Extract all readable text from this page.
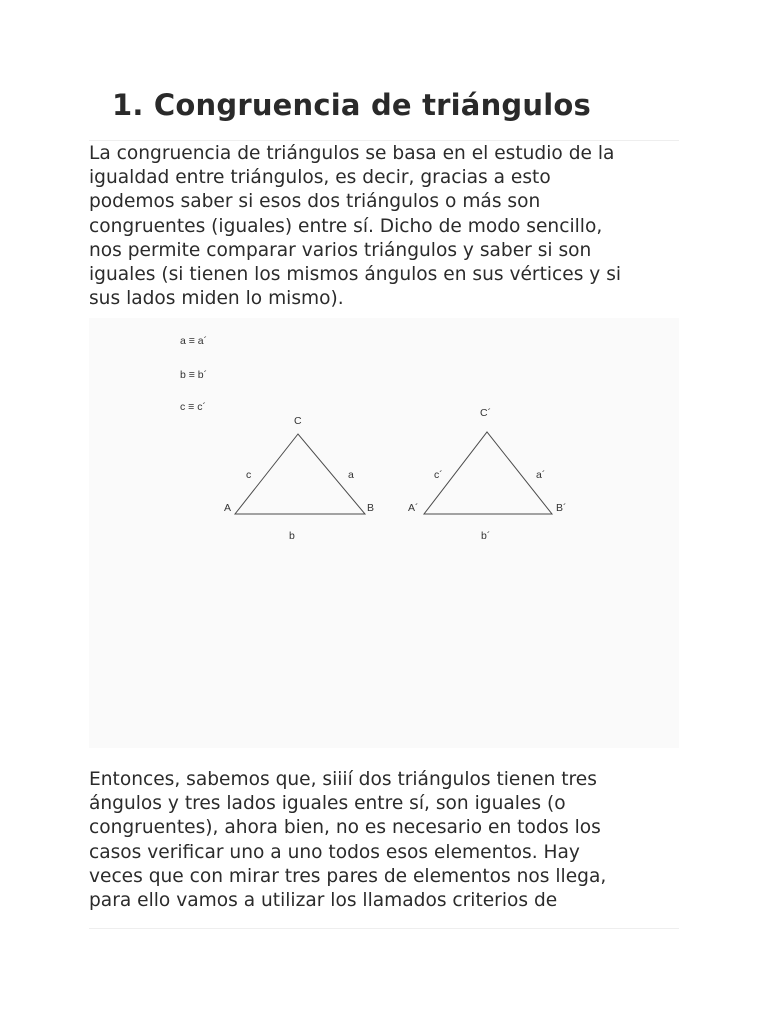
1. Congruencia de triángulos

La congruencia de triángulos se basa en el estudio de la
igualdad entre triángulos, es decir, gracias a esto
podemos saber si esos dos triángulos o más son
congruentes (iguales) entre sí. Dicho de modo sencillo,
nos permite comparar varios triángulos y saber si son
iguales (si tienen los mismos ángulos en sus vértices y si
sus lados miden lo mismo).

a ≡ a´
b ≡ b´
c ≡ c´
C
A	B
c	a
b
C´
A´	B´
c´	a´
b´

Entonces, sabemos que, siiií dos triángulos tienen tres
ángulos y tres lados iguales entre sí, son iguales (o
congruentes), ahora bien, no es necesario en todos los
casos verificar uno a uno todos esos elementos. Hay
veces que con mirar tres pares de elementos nos llega,
para ello vamos a utilizar los llamados criterios de
